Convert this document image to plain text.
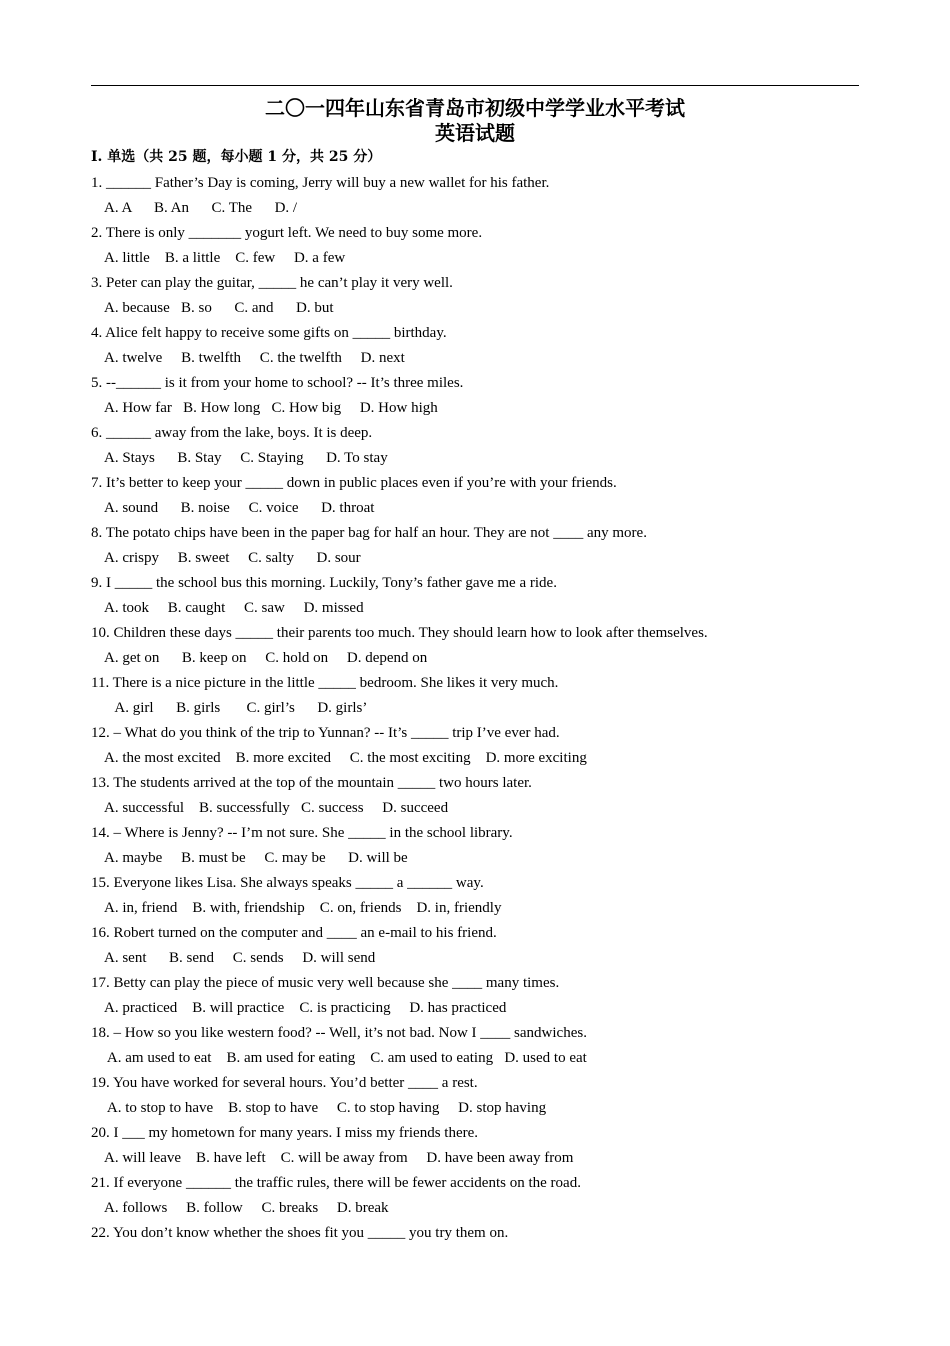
二〇一四年山东省青岛市初级中学学业水平考试
英语试题
I. 单选（共 25 题，每小题 1 分，共 25 分）
1. ______ Father’s Day is coming, Jerry will buy a new wallet for his father.
A. A      B. An      C. The      D. /
2. There is only _______ yogurt left. We need to buy some more.
A. little    B. a little    C. few     D. a few
3. Peter can play the guitar, _____ he can’t play it very well.
A. because   B. so      C. and      D. but
4. Alice felt happy to receive some gifts on _____ birthday.
A. twelve     B. twelfth     C. the twelfth     D. next
5. --______ is it from your home to school? -- It’s three miles.
A. How far   B. How long   C. How big     D. How high
6. ______ away from the lake, boys. It is deep.
A. Stays      B. Stay     C. Staying      D. To stay
7. It’s better to keep your _____ down in public places even if you’re with your friends.
A. sound      B. noise     C. voice      D. throat
8. The potato chips have been in the paper bag for half an hour. They are not ____ any more.
A. crispy     B. sweet     C. salty      D. sour
9. I _____ the school bus this morning. Luckily, Tony’s father gave me a ride.
A. took     B. caught     C. saw     D. missed
10. Children these days _____ their parents too much. They should learn how to look after themselves.
A. get on      B. keep on     C. hold on     D. depend on
11. There is a nice picture in the little _____ bedroom. She likes it very much.
A. girl      B. girls       C. girl’s      D. girls’
12. – What do you think of the trip to Yunnan? -- It’s _____ trip I’ve ever had.
A. the most excited    B. more excited     C. the most exciting    D. more exciting
13. The students arrived at the top of the mountain _____ two hours later.
A. successful    B. successfully   C. success     D. succeed
14. – Where is Jenny? -- I’m not sure. She _____ in the school library.
A. maybe     B. must be     C. may be      D. will be
15. Everyone likes Lisa. She always speaks _____ a ______ way.
A. in, friend    B. with, friendship    C. on, friends    D. in, friendly
16. Robert turned on the computer and ____ an e-mail to his friend.
A. sent      B. send     C. sends     D. will send
17. Betty can play the piece of music very well because she ____ many times.
A. practiced    B. will practice    C. is practicing     D. has practiced
18. – How so you like western food? -- Well, it’s not bad. Now I ____ sandwiches.
A. am used to eat    B. am used for eating    C. am used to eating   D. used to eat
19. You have worked for several hours. You’d better ____ a rest.
A. to stop to have    B. stop to have     C. to stop having     D. stop having
20. I ___ my hometown for many years. I miss my friends there.
A. will leave    B. have left    C. will be away from     D. have been away from
21. If everyone ______ the traffic rules, there will be fewer accidents on the road.
A. follows     B. follow     C. breaks     D. break
22. You don’t know whether the shoes fit you _____ you try them on.
